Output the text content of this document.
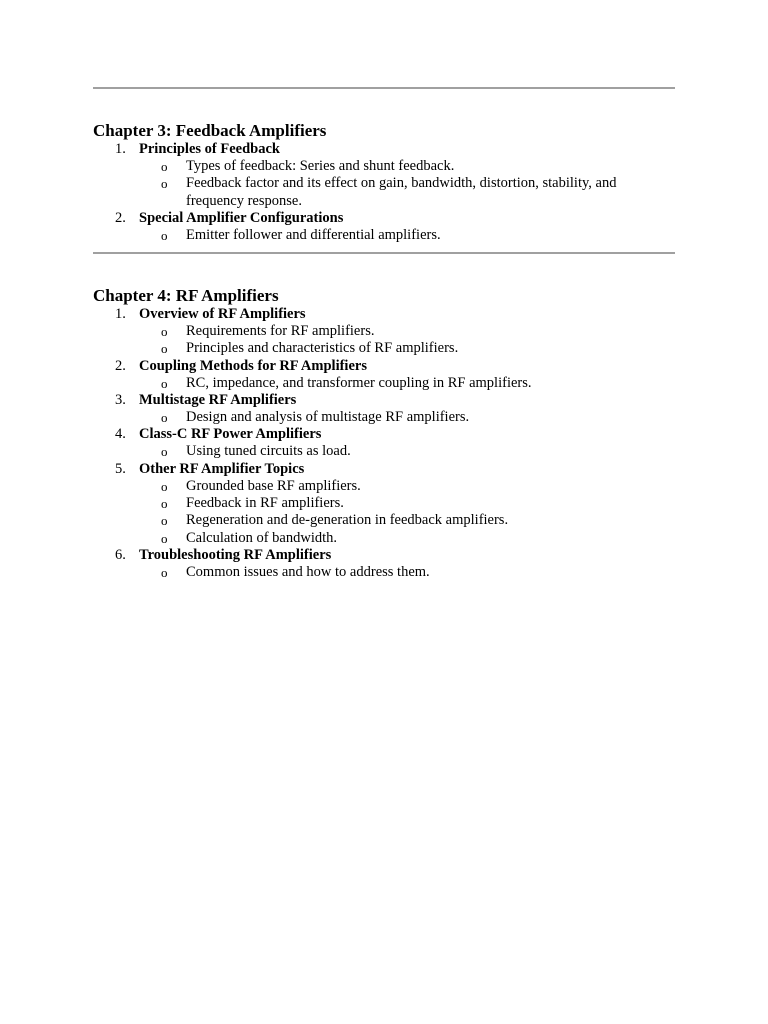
Chapter 3: Feedback Amplifiers
1. Principles of Feedback
o Types of feedback: Series and shunt feedback.
o Feedback factor and its effect on gain, bandwidth, distortion, stability, and frequency response.
2. Special Amplifier Configurations
o Emitter follower and differential amplifiers.
Chapter 4: RF Amplifiers
1. Overview of RF Amplifiers
o Requirements for RF amplifiers.
o Principles and characteristics of RF amplifiers.
2. Coupling Methods for RF Amplifiers
o RC, impedance, and transformer coupling in RF amplifiers.
3. Multistage RF Amplifiers
o Design and analysis of multistage RF amplifiers.
4. Class-C RF Power Amplifiers
o Using tuned circuits as load.
5. Other RF Amplifier Topics
o Grounded base RF amplifiers.
o Feedback in RF amplifiers.
o Regeneration and de-generation in feedback amplifiers.
o Calculation of bandwidth.
6. Troubleshooting RF Amplifiers
o Common issues and how to address them.
